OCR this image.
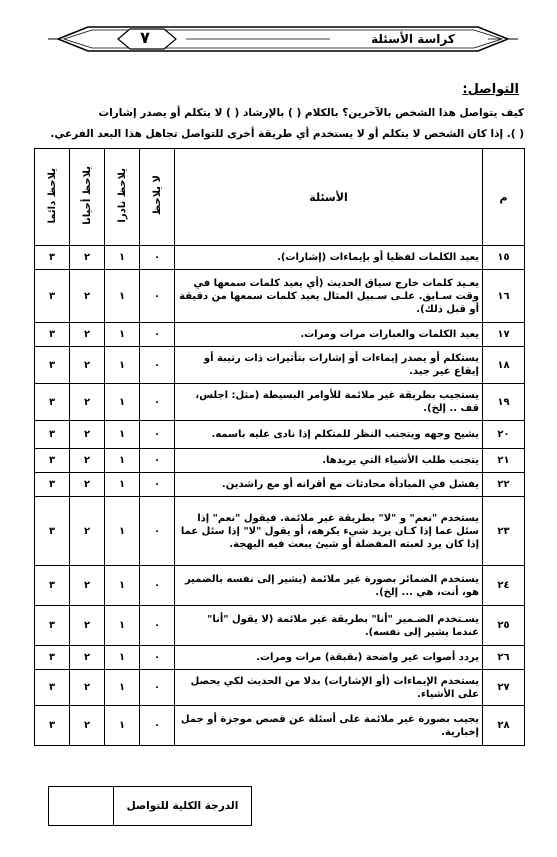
كراسة الأسئلة
٧
التواصل:
كيف يتواصل هذا الشخص بالآخرين؟ بالكلام ( ) بالإرشاد ( ) لا يتكلم أو يصدر إشارات
( ). إذا كان الشخص لا يتكلم أو لا يستخدم أي طريقة أخرى للتواصل تجاهل هذا البعد الفرعي.
م	الأسئلة	لا يلاحظ	يلاحظ نادرا	يلاحظ أحيانا	يلاحظ دائما
١٥	يعيد الكلمات لفظيا أو بإيماءات (إشارات).	٠	١	٢	٣
١٦	يعـيد كلمات خارج سياق الحديث (أي يعيد كلمات سمعها في وقت سـابق. علـى سـبيل المثال يعيد كلمات سمعها من دقيقة أو قبل ذلك).	٠	١	٢	٣
١٧	يعيد الكلمات والعبارات مرات ومرات.	٠	١	٢	٣
١٨	يستكلم أو يصدر إيماءات أو إشارات بتأثيرات ذات رتيبة أو إيقاع غير جيد.	٠	١	٢	٣
١٩	يستجيب بطريقة غير ملائمة للأوامر البسيطة (مثل: اجلس، قف .. إلخ).	٠	١	٢	٣
٢٠	يشيح وجهه ويتجنب النظر للمتكلم إذا نادى عليه باسمه.	٠	١	٢	٣
٢١	يتجنب طلب الأشياء التي يريدها.	٠	١	٢	٣
٢٢	يفشل في المبادأة محادثات مع أقرانه أو مع راشدين.	٠	١	٢	٣
٢٣	يستخدم "نعم" و "لا" بطريقة غير ملائمة. فيقول "نعم" إذا سئل عما إذا كـان يريد شيء يكرهه، أو يقول "لا" إذا سئل عما إذا كان يرد لعبته المفضلة أو شيئ يبعث فيه البهجة.	٠	١	٢	٣
٢٤	يستخدم الضمائر بصورة غير ملائمة (يشير إلى نفسه بالضمير هو، أنت، هي ... إلخ).	٠	١	٢	٣
٢٥	يسـتخدم الضـمير "أنا" بطريقة غير ملائمة (لا يقول "أنا" عندما يشير إلى نفسه).	٠	١	٢	٣
٢٦	يردد أصوات غير واضحة (بقبقة) مرات ومرات.	٠	١	٢	٣
٢٧	يستخدم الإيماءات (أو الإشارات) بدلا من الحديث لكي يحصل على الأشياء.	٠	١	٢	٣
٢٨	يجيب بصورة غير ملائمة على أسئلة عن قصص موجزة أو جمل إخبارية.	٠	١	٢	٣
الدرجة الكلية للتواصل	
